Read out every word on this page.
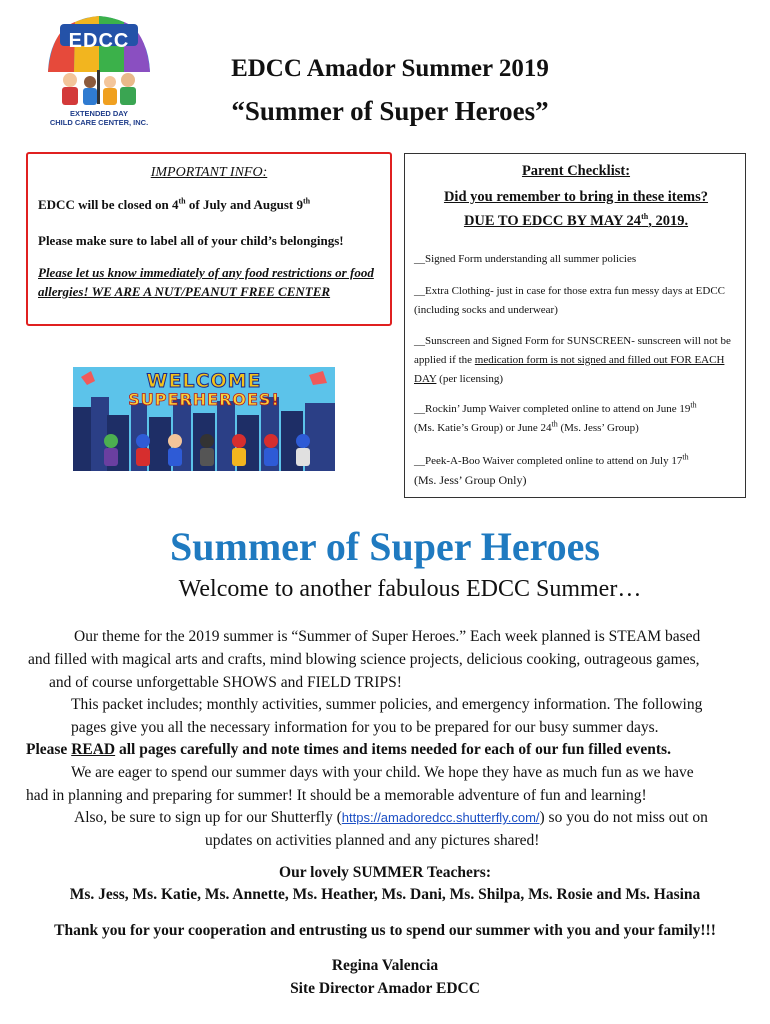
EDCC
EXTENDED DAY
CHILD CARE CENTER, INC.
EDCC Amador Summer 2019
“Summer of Super Heroes”
IMPORTANT INFO:
EDCC will be closed on 4th of July and August 9th
Please make sure to label all of your child’s belongings!
Please let us know immediately of any food restrictions or food allergies! WE ARE A NUT/PEANUT FREE CENTER
Parent Checklist:
Did you remember to bring in these items?
DUE TO EDCC BY MAY 24th, 2019.
__Signed Form understanding all summer policies
__Extra Clothing- just in case for those extra fun messy days at EDCC (including socks and underwear)
__Sunscreen and Signed Form for SUNSCREEN- sunscreen will not be applied if the medication form is not signed and filled out FOR EACH DAY (per licensing)
__Rockin’ Jump Waiver completed online to attend on June 19th
(Ms. Katie’s Group) or June 24th (Ms. Jess’ Group)
__Peek-A-Boo Waiver completed online to attend on July 17th
(Ms. Jess’ Group Only)
WELCOME
SUPERHEROES!
Summer of Super Heroes
Welcome to another fabulous EDCC Summer…
Our theme for the 2019 summer is “Summer of Super Heroes.” Each week planned is STEAM based
and filled with magical arts and crafts, mind blowing science projects, delicious cooking, outrageous games,
and of course unforgettable SHOWS and FIELD TRIPS!
This packet includes; monthly activities, summer policies, and emergency information. The following
pages give you all the necessary information for you to be prepared for our busy summer days.
Please READ all pages carefully and note times and items needed for each of our fun filled events.
We are eager to spend our summer days with your child. We hope they have as much fun as we have
had in planning and preparing for summer! It should be a memorable adventure of fun and learning!
Also, be sure to sign up for our Shutterfly (https://amadoredcc.shutterfly.com/) so you do not miss out on
updates on activities planned and any pictures shared!
Our lovely SUMMER Teachers:
Ms. Jess, Ms. Katie, Ms. Annette, Ms. Heather, Ms. Dani, Ms. Shilpa, Ms. Rosie and Ms. Hasina
Thank you for your cooperation and entrusting us to spend our summer with you and your family!!!
Regina Valencia
Site Director Amador EDCC
